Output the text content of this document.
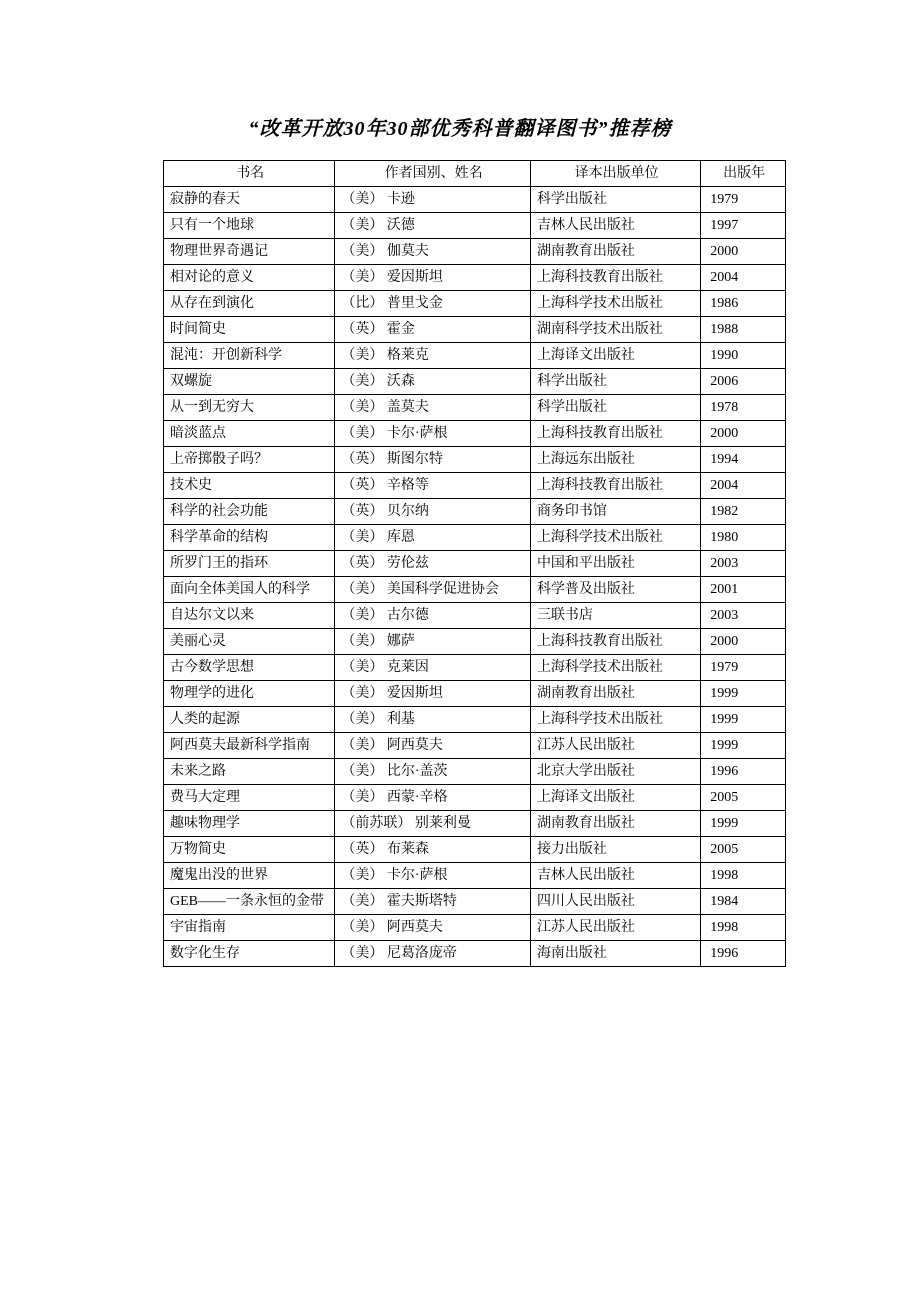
“改革开放30年30部优秀科普翻译图书”推荐榜
书名	作者国别、姓名	译本出版单位	出版年
寂静的春天	（美） 卡逊	科学出版社	1979
只有一个地球	（美） 沃德	吉林人民出版社	1997
物理世界奇遇记	（美） 伽莫夫	湖南教育出版社	2000
相对论的意义	（美） 爱因斯坦	上海科技教育出版社	2004
从存在到演化	（比） 普里戈金	上海科学技术出版社	1986
时间简史	（英） 霍金	湖南科学技术出版社	1988
混沌：开创新科学	（美） 格莱克	上海译文出版社	1990
双螺旋	（美） 沃森	科学出版社	2006
从一到无穷大	（美） 盖莫夫	科学出版社	1978
暗淡蓝点	（美） 卡尔·萨根	上海科技教育出版社	2000
上帝掷骰子吗？	（英） 斯图尔特	上海远东出版社	1994
技术史	（英） 辛格等	上海科技教育出版社	2004
科学的社会功能	（英） 贝尔纳	商务印书馆	1982
科学革命的结构	（美） 库恩	上海科学技术出版社	1980
所罗门王的指环	（英） 劳伦兹	中国和平出版社	2003
面向全体美国人的科学	（美） 美国科学促进协会	科学普及出版社	2001
自达尔文以来	（美） 古尔德	三联书店	2003
美丽心灵	（美） 娜萨	上海科技教育出版社	2000
古今数学思想	（美） 克莱因	上海科学技术出版社	1979
物理学的进化	（美） 爱因斯坦	湖南教育出版社	1999
人类的起源	（美） 利基	上海科学技术出版社	1999
阿西莫夫最新科学指南	（美） 阿西莫夫	江苏人民出版社	1999
未来之路	（美） 比尔·盖茨	北京大学出版社	1996
费马大定理	（美） 西蒙·辛格	上海译文出版社	2005
趣味物理学	（前苏联） 别莱利曼	湖南教育出版社	1999
万物简史	（英） 布莱森	接力出版社	2005
魔鬼出没的世界	（美） 卡尔·萨根	吉林人民出版社	1998
GEB——一条永恒的金带	（美） 霍夫斯塔特	四川人民出版社	1984
宇宙指南	（美） 阿西莫夫	江苏人民出版社	1998
数字化生存	（美） 尼葛洛庞帝	海南出版社	1996
